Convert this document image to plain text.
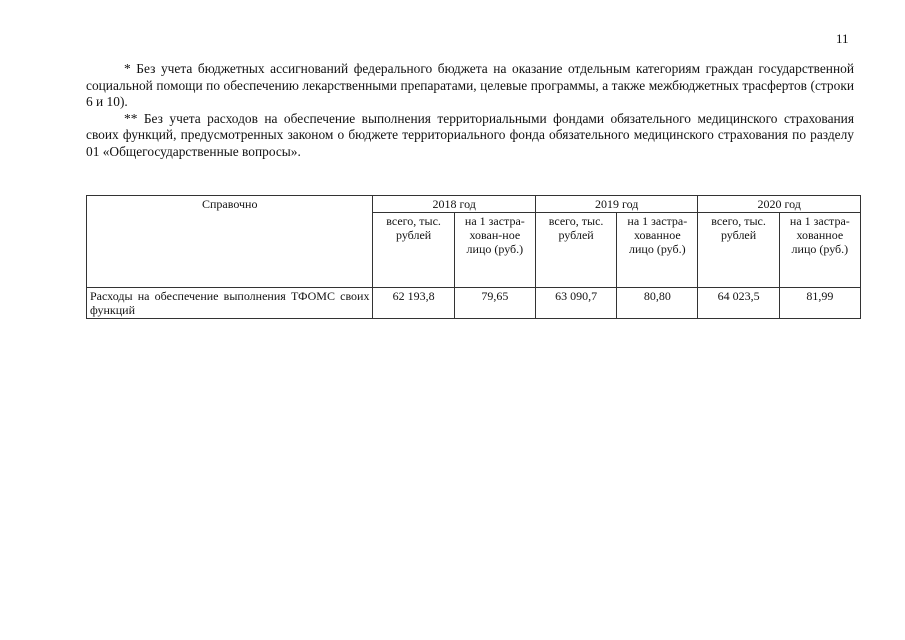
11

* Без учета бюджетных ассигнований федерального бюджета на оказание отдельным категориям граждан государственной социальной помощи по обеспечению лекарственными препаратами, целевые программы, а также межбюджетных трасфертов (строки 6 и 10).

** Без учета расходов на обеспечение выполнения территориальными фондами обязательного медицинского страхования своих функций, предусмотренных законом о бюджете территориального фонда обязательного медицинского страхования по разделу 01 «Общегосударственные вопросы».

Справочно	2018 год		2019 год		2020 год	
	всего, тыс. рублей	на 1 застра-хован-ное лицо (руб.)	всего, тыс. рублей	на 1 застра-хованное лицо (руб.)	всего, тыс. рублей	на 1 застра-хованное лицо (руб.)
Расходы на обеспечение выполнения ТФОМС своих функций	62 193,8	79,65	63 090,7	80,80	64 023,5	81,99
